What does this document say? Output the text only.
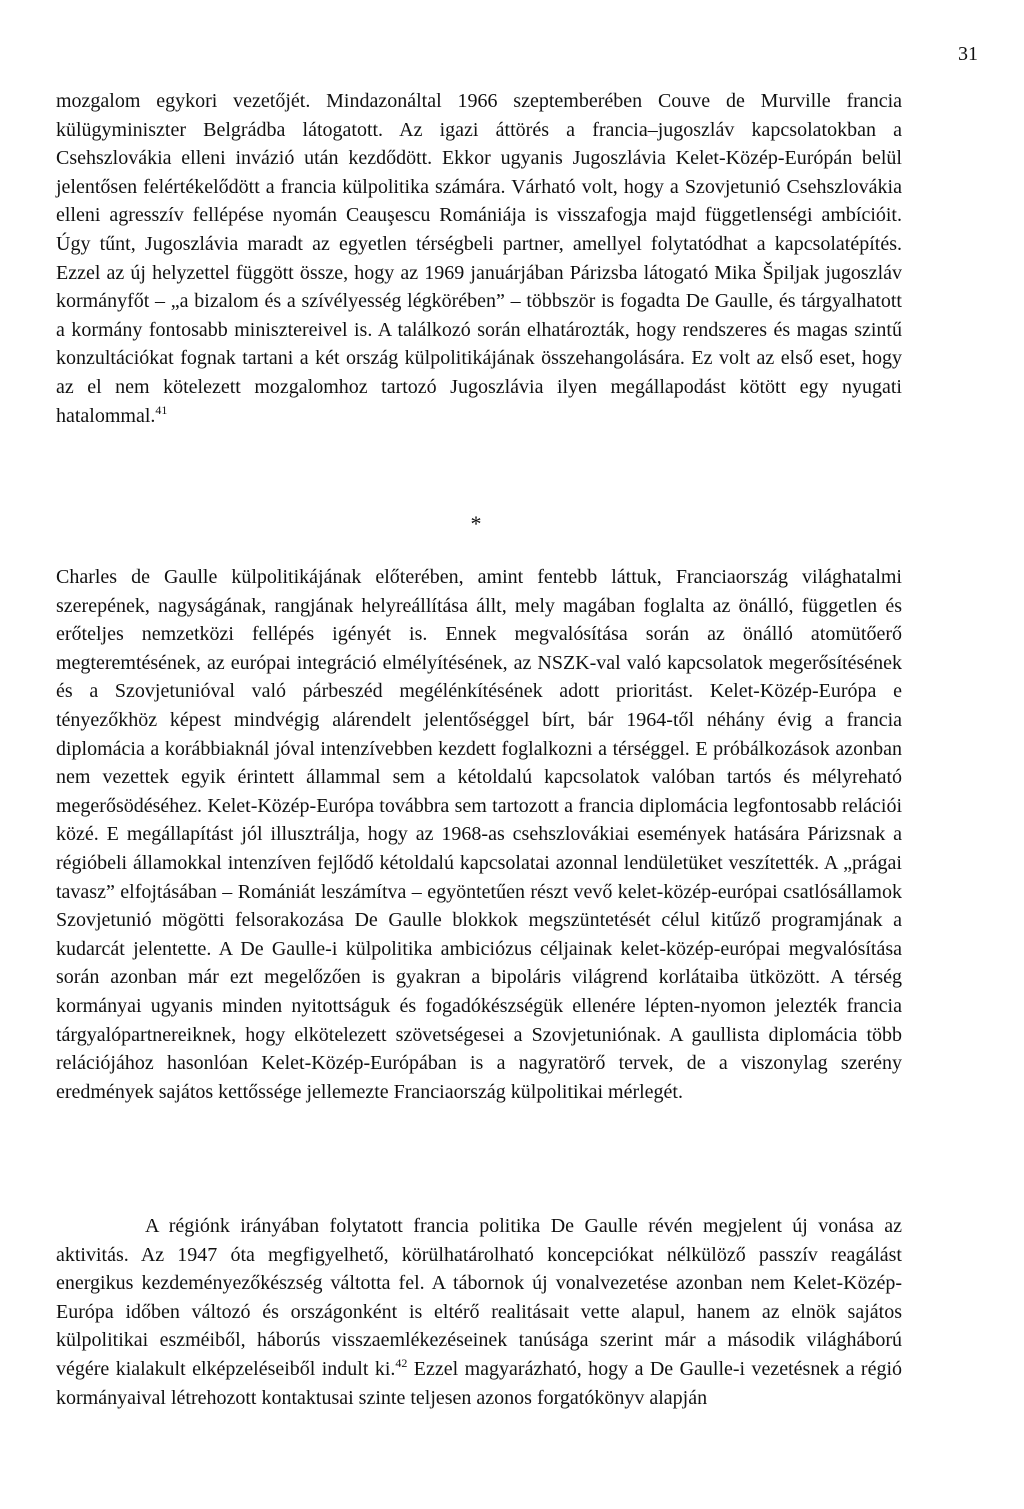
31
mozgalom egykori vezetőjét. Mindazonáltal 1966 szeptemberében Couve de Murville francia külügyminiszter Belgrádba látogatott. Az igazi áttörés a francia–jugoszláv kapcsolatokban a Csehszlovákia elleni invázió után kezdődött. Ekkor ugyanis Jugoszlávia Kelet-Közép-Európán belül jelentősen felértékelődött a francia külpolitika számára. Várható volt, hogy a Szovjetunió Csehszlovákia elleni agresszív fellépése nyomán Ceauşescu Romániája is visszafogja majd függetlenségi ambícióit. Úgy tűnt, Jugoszlávia maradt az egyetlen térségbeli partner, amellyel folytatódhat a kapcsolatépítés. Ezzel az új helyzettel függött össze, hogy az 1969 januárjában Párizsba látogató Mika Špiljak jugoszláv kormányfőt – „a bizalom és a szívélyesség légkörében” – többször is fogadta De Gaulle, és tárgyalhatott a kormány fontosabb minisztereivel is. A találkozó során elhatározták, hogy rendszeres és magas szintű konzultációkat fognak tartani a két ország külpolitikájának összehangolására. Ez volt az első eset, hogy az el nem kötelezett mozgalomhoz tartozó Jugoszlávia ilyen megállapodást kötött egy nyugati hatalommal.$^{41}$
*
Charles de Gaulle külpolitikájának előterében, amint fentebb láttuk, Franciaország világhatalmi szerepének, nagyságának, rangjának helyreállítása állt, mely magában foglalta az önálló, független és erőteljes nemzetközi fellépés igényét is. Ennek megvalósítása során az önálló atomütőerő megteremtésének, az európai integráció elmélyítésének, az NSZK-val való kapcsolatok megerősítésének és a Szovjetunióval való párbeszéd megélénkítésének adott prioritást. Kelet-Közép-Európa e tényezőkhöz képest mindvégig alárendelt jelentőséggel bírt, bár 1964-től néhány évig a francia diplomácia a korábbiaknál jóval intenzívebben kezdett foglalkozni a térséggel. E próbálkozások azonban nem vezettek egyik érintett állammal sem a kétoldalú kapcsolatok valóban tartós és mélyreható megerősödéséhez. Kelet-Közép-Európa továbbra sem tartozott a francia diplomácia legfontosabb relációi közé. E megállapítást jól illusztrálja, hogy az 1968-as csehszlovákiai események hatására Párizsnak a régióbeli államokkal intenzíven fejlődő kétoldalú kapcsolatai azonnal lendületüket veszítették. A „prágai tavasz” elfojtásában – Romániát leszámítva – egyöntetűen részt vevő kelet-közép-európai csatlósállamok Szovjetunió mögötti felsorakozása De Gaulle blokkok megszüntetését célul kitűző programjának a kudarcát jelentette. A De Gaulle-i külpolitika ambiciózus céljainak kelet-közép-európai megvalósítása során azonban már ezt megelőzően is gyakran a bipoláris világrend korlátaiba ütközött. A térség kormányai ugyanis minden nyitottságuk és fogadókészségük ellenére lépten-nyomon jelezték francia tárgyalópartnereiknek, hogy elkötelezett szövetségesei a Szovjetuniónak. A gaullista diplomácia több relációjához hasonlóan Kelet-Közép-Európában is a nagyratörő tervek, de a viszonylag szerény eredmények sajátos kettőssége jellemezte Franciaország külpolitikai mérlegét.
A régiónk irányában folytatott francia politika De Gaulle révén megjelent új vonása az aktivitás. Az 1947 óta megfigyelhető, körülhatárolható koncepciókat nélkülöző passzív reagálást energikus kezdeményezőkészség váltotta fel. A tábornok új vonalvezetése azonban nem Kelet-Közép-Európa időben változó és országonként is eltérő realitásait vette alapul, hanem az elnök sajátos külpolitikai eszméiből, háborús visszaemlékezéseinek tanúsága szerint már a második világháború végére kialakult elképzeléseiből indult ki.$^{42}$ Ezzel magyarázható, hogy a De Gaulle-i vezetésnek a régió kormányaival létrehozott kontaktusai szinte teljesen azonos forgatókönyv alapján
